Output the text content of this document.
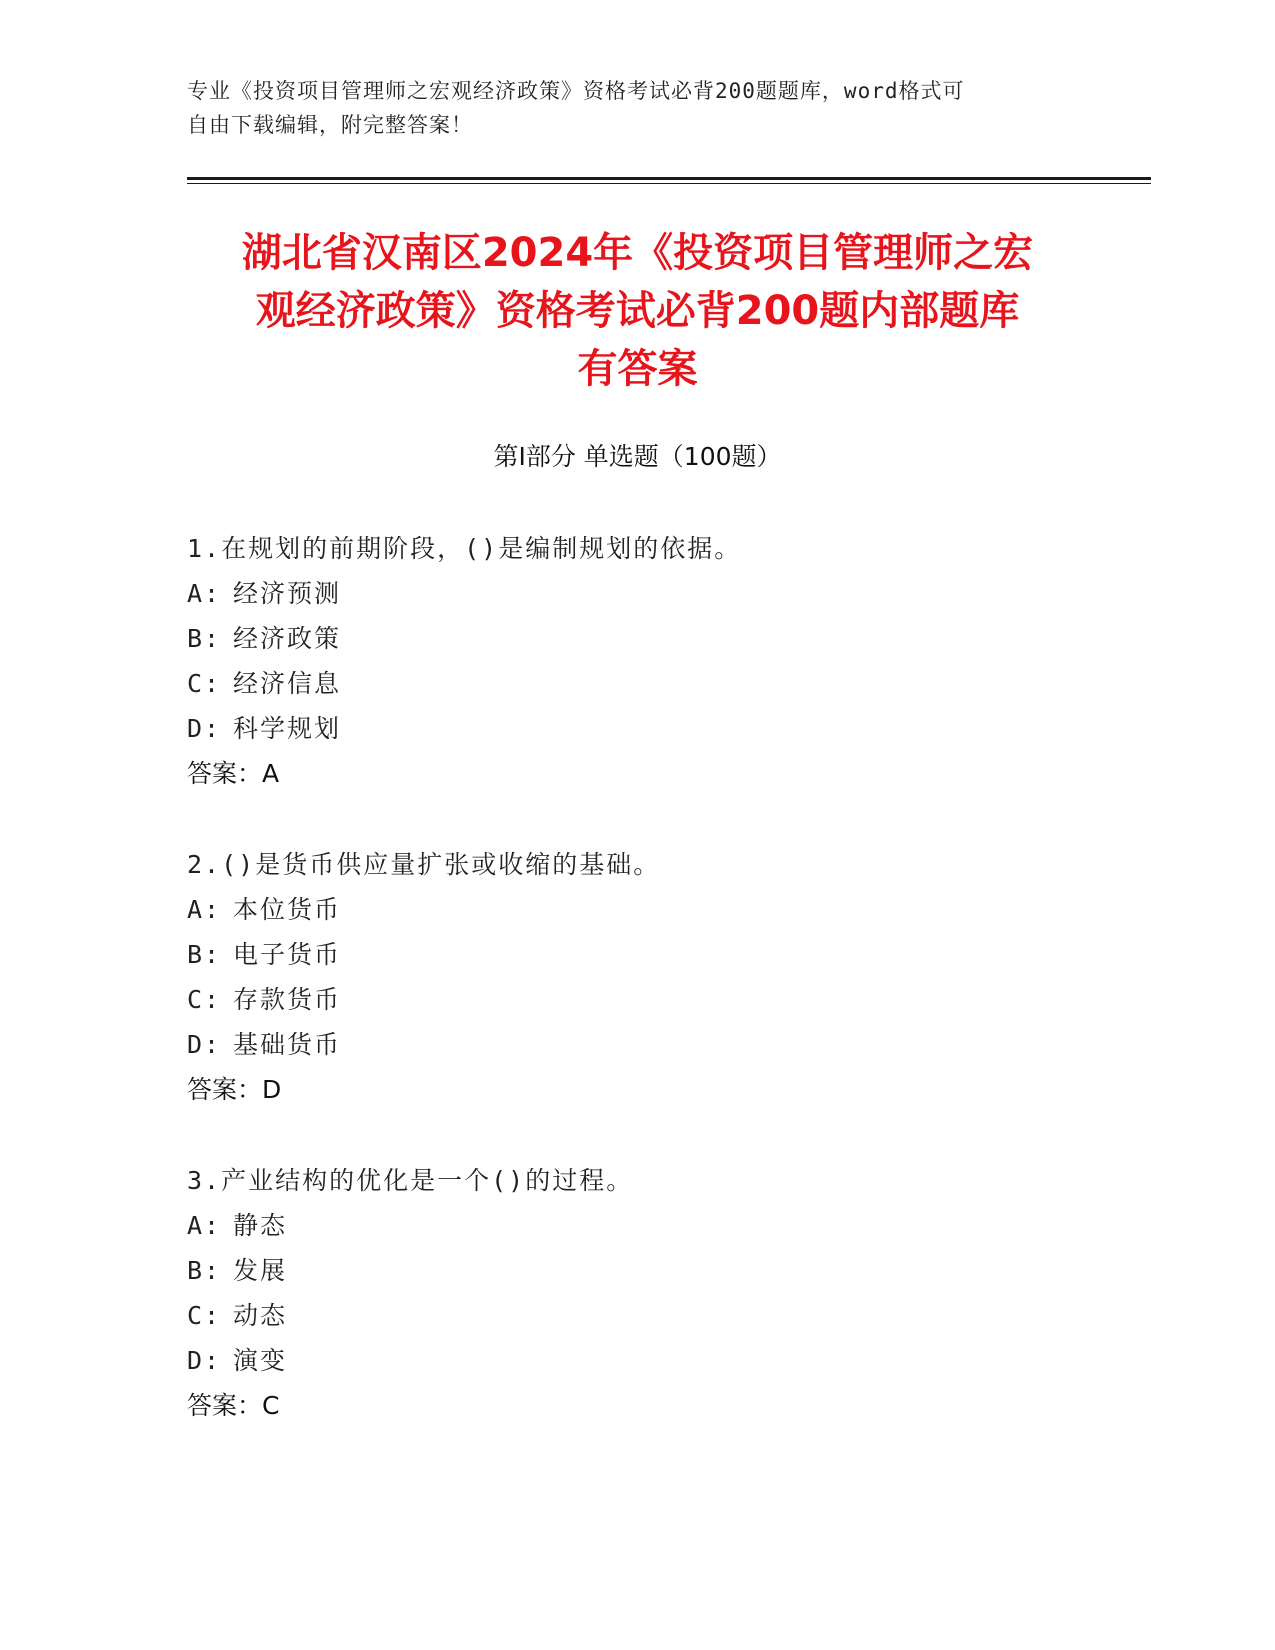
专业《投资项目管理师之宏观经济政策》资格考试必背200题题库，word格式可
自由下载编辑，附完整答案！
湖北省汉南区2024年《投资项目管理师之宏
观经济政策》资格考试必背200题内部题库
有答案
第Ⅰ部分 单选题（100题）
1.在规划的前期阶段，()是编制规划的依据。
A: 经济预测
B: 经济政策
C: 经济信息
D: 科学规划
答案：A
2.()是货币供应量扩张或收缩的基础。
A: 本位货币
B: 电子货币
C: 存款货币
D: 基础货币
答案：D
3.产业结构的优化是一个()的过程。
A: 静态
B: 发展
C: 动态
D: 演变
答案：C
